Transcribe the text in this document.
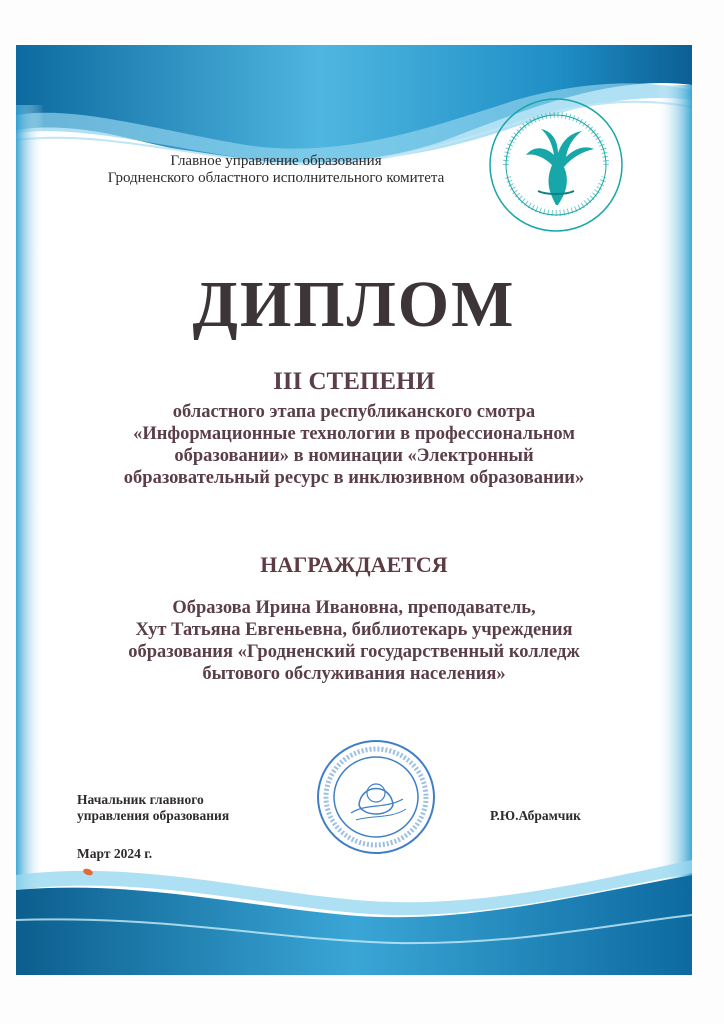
Главное управление образования
Гродненского областного исполнительного комитета
ДИПЛОМ
III СТЕПЕНИ
областного этапа республиканского смотра
«Информационные технологии в профессиональном
образовании» в номинации «Электронный
образовательный ресурс в инклюзивном образовании»
НАГРАЖДАЕТСЯ
Образова Ирина Ивановна, преподаватель,
Хут Татьяна Евгеньевна, библиотекарь учреждения
образования «Гродненский государственный колледж
бытового обслуживания населения»
Начальник главного
управления образования	Р.Ю.Абрамчик
Март 2024 г.
